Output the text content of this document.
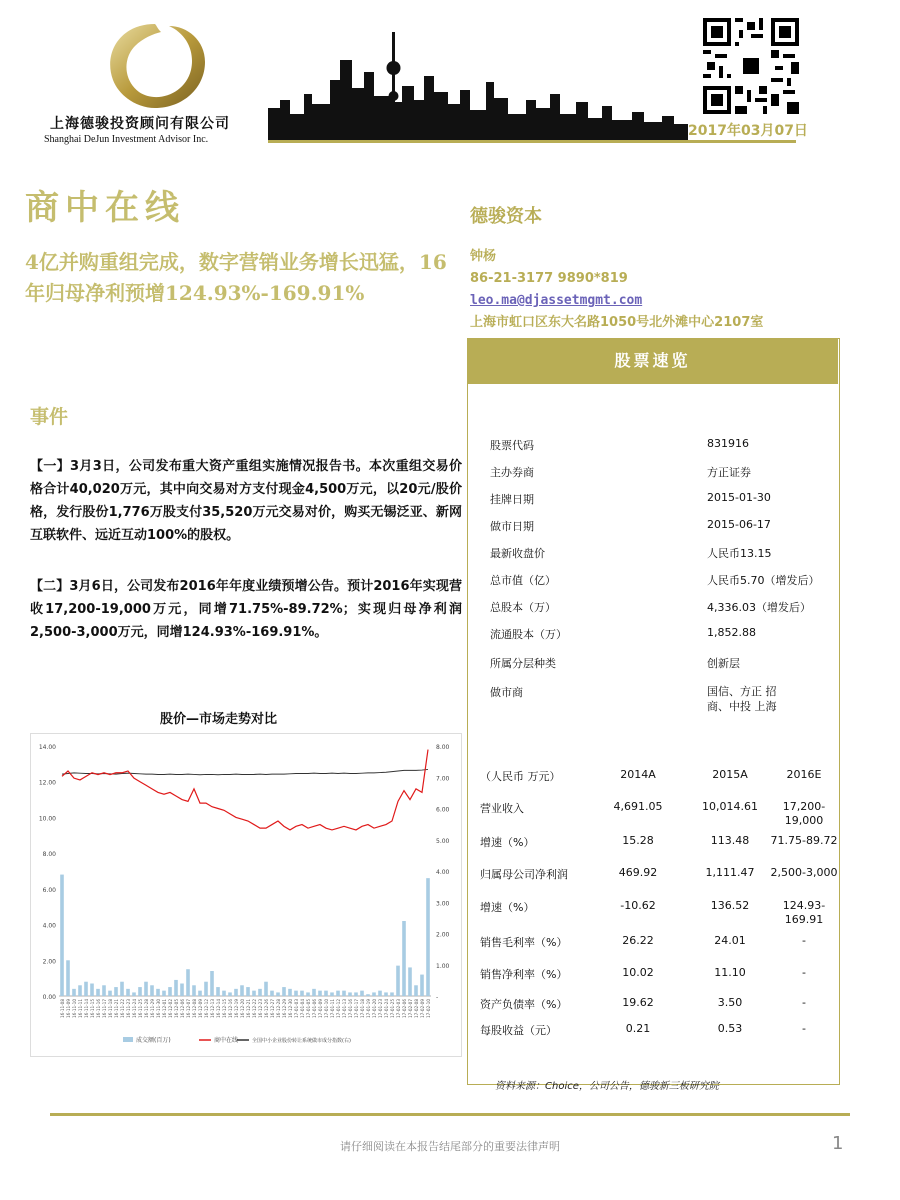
上海德骏投资顾问有限公司
Shanghai DeJun Investment Advisor Inc.
2017年03月07日
商中在线
4亿并购重组完成，数字营销业务增长迅猛，16年归母净利预增124.93%-169.91%
德骏资本
钟杨
86-21-3177 9890*819
leo.ma@djassetmgmt.com
上海市虹口区东大名路1050号北外滩中心2107室
事件
【一】3月3日，公司发布重大资产重组实施情况报告书。本次重组交易价格合计40,020万元，其中向交易对方支付现金4,500万元，以20元/股价格，发行股份1,776万股支付35,520万元交易对价，购买无锡泛亚、新网互联软件、远近互动100%的股权。
【二】3月6日，公司发布2016年年度业绩预增公告。预计2016年实现营收17,200-19,000万元，同增71.75%-89.72%；实现归母净利润2,500-3,000万元，同增124.93%-169.91%。
股价—市场走势对比
0.00
2.00
4.00
6.00
8.00
10.00
12.00
14.00
-
1.00
2.00
3.00
4.00
5.00
6.00
7.00
8.00
16-11-08 16-11-09 16-11-10 16-11-11 16-11-14 16-11-15 16-11-16 16-11-17 16-11-18 16-11-21 16-11-22 16-11-23 16-11-24 16-11-25 16-11-28 16-11-29 16-11-30 16-12-01 16-12-02 16-12-05 16-12-06 16-12-07 16-12-08 16-12-09 16-12-12 16-12-13 16-12-14 16-12-15 16-12-16 16-12-19 16-12-20 16-12-21 16-12-22 16-12-23 16-12-26 16-12-27 16-12-28 16-12-29 16-12-30 17-01-03 17-01-04 17-01-05 17-01-06 17-01-09 17-01-10 17-01-11 17-01-12 17-01-13 17-01-16 17-01-17 17-01-18 17-01-19 17-01-20 17-01-23 17-01-24 17-01-25 17-02-03 17-02-06 17-02-07 17-02-08 17-02-09 17-02-10
成交额(百万)	商中在线	全国中小企业股份转让系统做市成分指数(右)
股票速览
股票代码	831916
主办券商	方正证券
挂牌日期	2015-01-30
做市日期	2015-06-17
最新收盘价	人民币13.15
总市值（亿）	人民币5.70（增发后）
总股本（万）	4,336.03（增发后）
流通股本（万）	1,852.88
所属分层种类	创新层
做市商	国信、方正 招商、中投 上海
（人民币 万元）	2014A	2015A	2016E
营业收入	4,691.05	10,014.61	17,200-19,000
增速（%）	15.28	113.48	71.75-89.72
归属母公司净利润	469.92	1,111.47	2,500-3,000
增速（%）	-10.62	136.52	124.93-169.91
销售毛利率（%）	26.22	24.01	-
销售净利率（%）	10.02	11.10	-
资产负债率（%）	19.62	3.50	-
每股收益（元）	0.21	0.53	-
资料来源：Choice，公司公告，德骏新三板研究院
请仔细阅读在本报告结尾部分的重要法律声明	1
